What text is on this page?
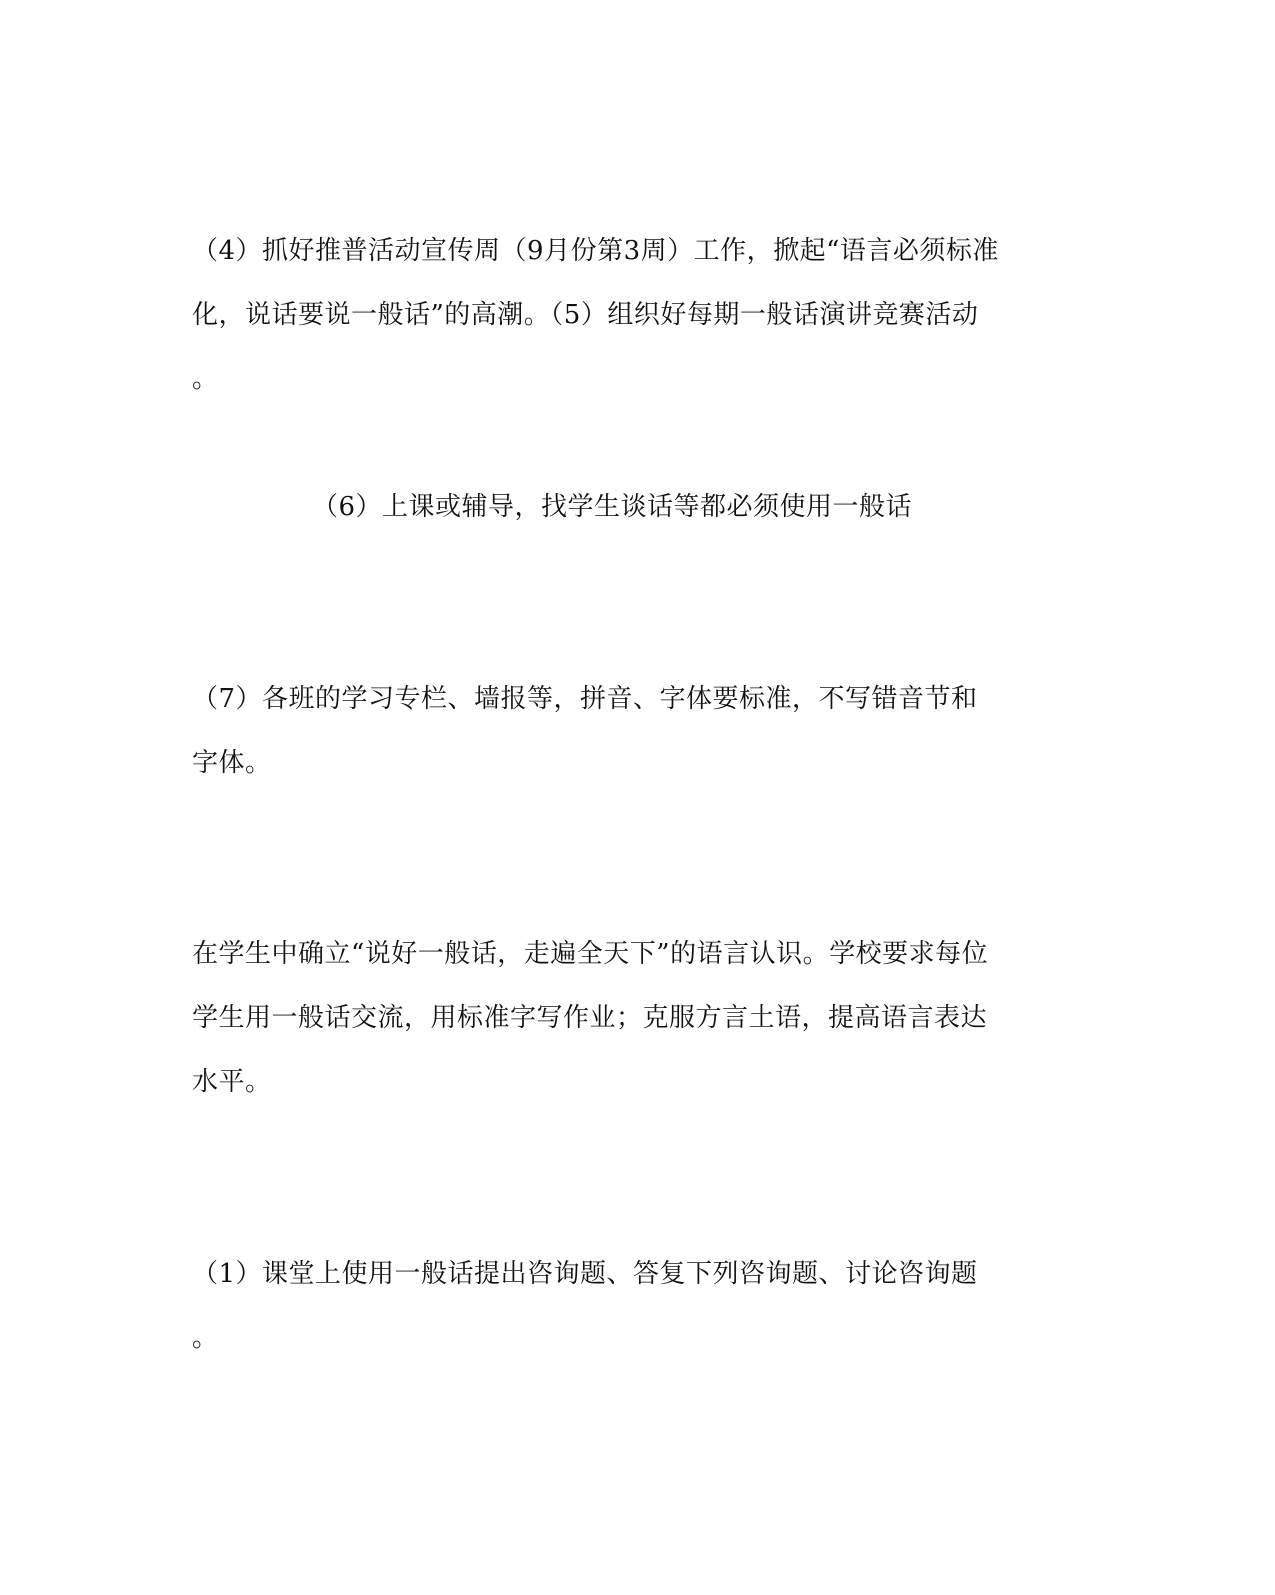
（4）抓好推普活动宣传周（9月份第3周）工作，掀起“语言必须标准
化，说话要说一般话”的高潮。（5）组织好每期一般话演讲竞赛活动
。

（6）上课或辅导，找学生谈话等都必须使用一般话

（7）各班的学习专栏、墙报等，拼音、字体要标准，不写错音节和
字体。

在学生中确立“说好一般话，走遍全天下”的语言认识。学校要求每位
学生用一般话交流，用标准字写作业；克服方言土语，提高语言表达
水平。

（1）课堂上使用一般话提出咨询题、答复下列咨询题、讨论咨询题
。
